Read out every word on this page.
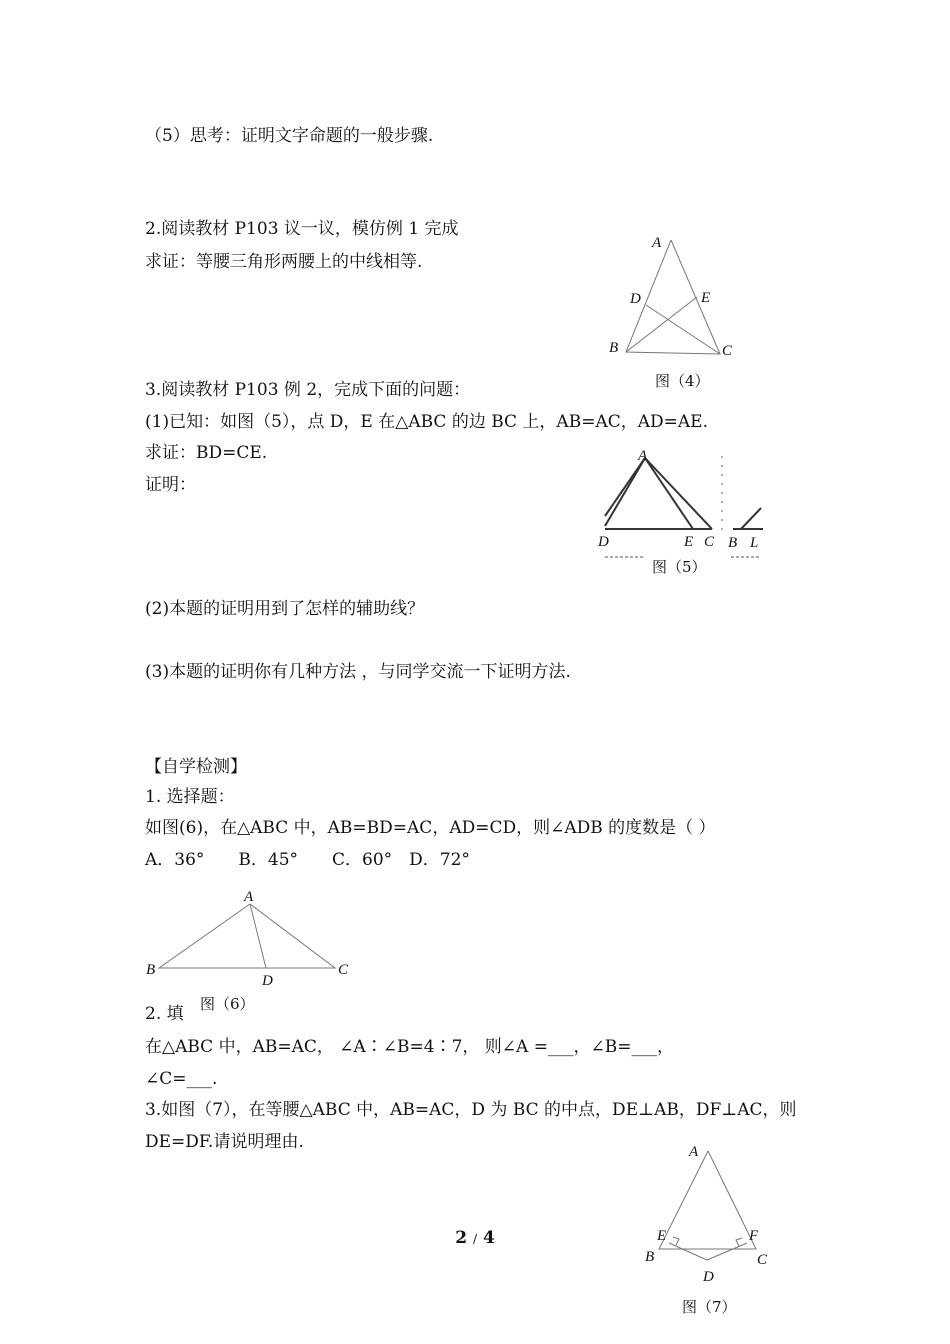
（5）思考：证明文字命题的一般步骤.
2.阅读教材 P103 议一议，模仿例 1 完成
求证：等腰三角形两腰上的中线相等.
3.阅读教材 P103 例 2，完成下面的问题：
(1)已知：如图（5），点 D，E 在△ABC 的边 BC 上，AB=AC，AD=AE.
求证：BD=CE.
证明：
(2)本题的证明用到了怎样的辅助线？
(3)本题的证明你有几种方法 ，与同学交流一下证明方法.
【自学检测】
1. 选择题：
如图(6)，在△ABC 中，AB=BD=AC，AD=CD，则∠ADB 的度数是（ ）
A．36°　　B．45°　　C．60°　D．72°
2. 填
在△ABC 中，AB=AC， ∠A∶∠B=4∶7， 则∠A =___，∠B=___，
∠C=___.
3.如图（7），在等腰△ABC 中，AB=AC，D 为 BC 的中点，DE⊥AB，DF⊥AC，则
DE=DF.请说明理由.
A
D	E
B	C
图（4）
A
D	E C B L
图（5）
A
B	C
D
图（6）
A
E	F
B	C
D
图（7）
2 / 4
